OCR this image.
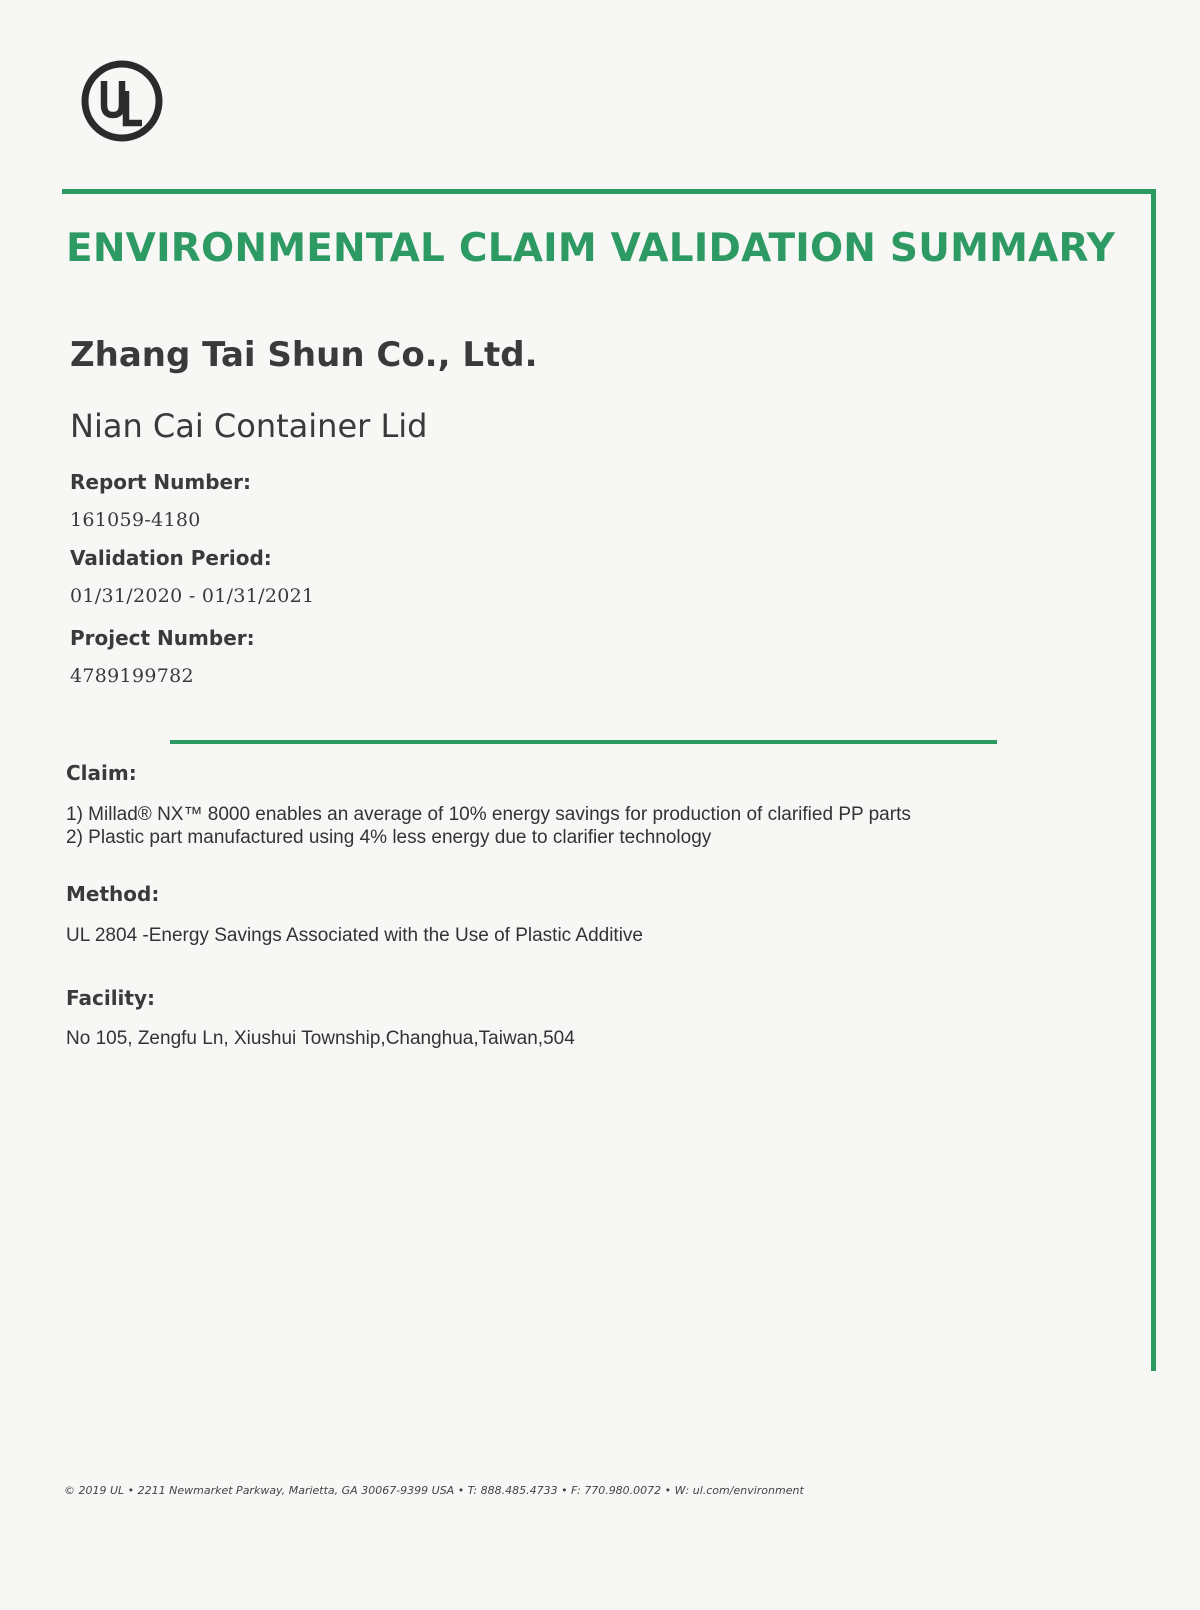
ENVIRONMENTAL CLAIM VALIDATION SUMMARY
Zhang Tai Shun Co., Ltd.
Nian Cai Container Lid
Report Number:
161059-4180
Validation Period:
01/31/2020 - 01/31/2021
Project Number:
4789199782
Claim:
1) Millad® NX™ 8000 enables an average of 10% energy savings for production of clarified PP parts
2) Plastic part manufactured using 4% less energy due to clarifier technology
Method:
UL 2804 -Energy Savings Associated with the Use of Plastic Additive
Facility:
No 105, Zengfu Ln, Xiushui Township,Changhua,Taiwan,504
© 2019 UL • 2211 Newmarket Parkway, Marietta, GA 30067-9399 USA • T: 888.485.4733 • F: 770.980.0072 • W: ul.com/environment
